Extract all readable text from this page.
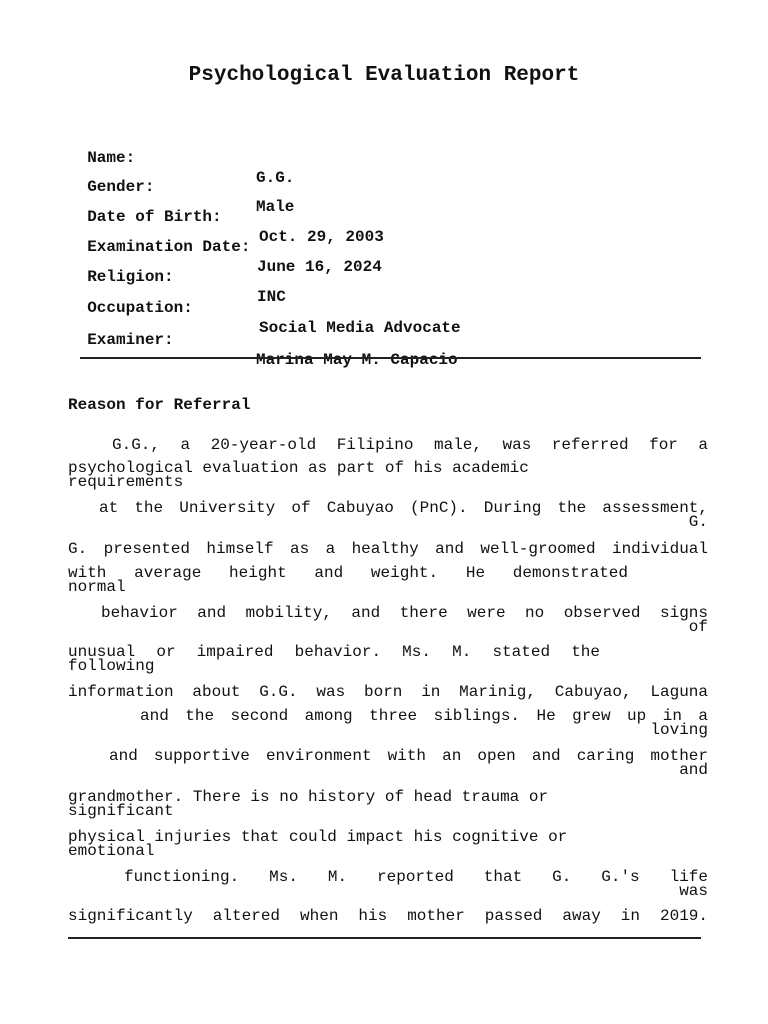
Psychological Evaluation Report

Name:

G.G.

Gender:

Male

Date of Birth:

Oct. 29, 2003

Examination Date:

June 16, 2024

Religion:

INC

Occupation:

Social Media Advocate

Examiner:

Marina May M. Capacio

Reason for Referral
G.G., a 20-year-old Filipino male, was referred for a
psychological evaluation as part of his academic
requirements
at the University of Cabuyao (PnC). During the assessment,
G.
G. presented himself as a healthy and well-groomed individual
with average height and weight. He demonstrated
normal
behavior and mobility, and there were no observed signs
of
unusual or impaired behavior. Ms. M. stated the
following
information about G.G. was born in Marinig, Cabuyao, Laguna
and the second among three siblings. He grew up in a
loving
and supportive environment with an open and caring mother
and
grandmother. There is no history of head trauma or
significant
physical injuries that could impact his cognitive or
emotional
functioning. Ms. M. reported that G. G.'s life
was
significantly altered when his mother passed away in 2019.
